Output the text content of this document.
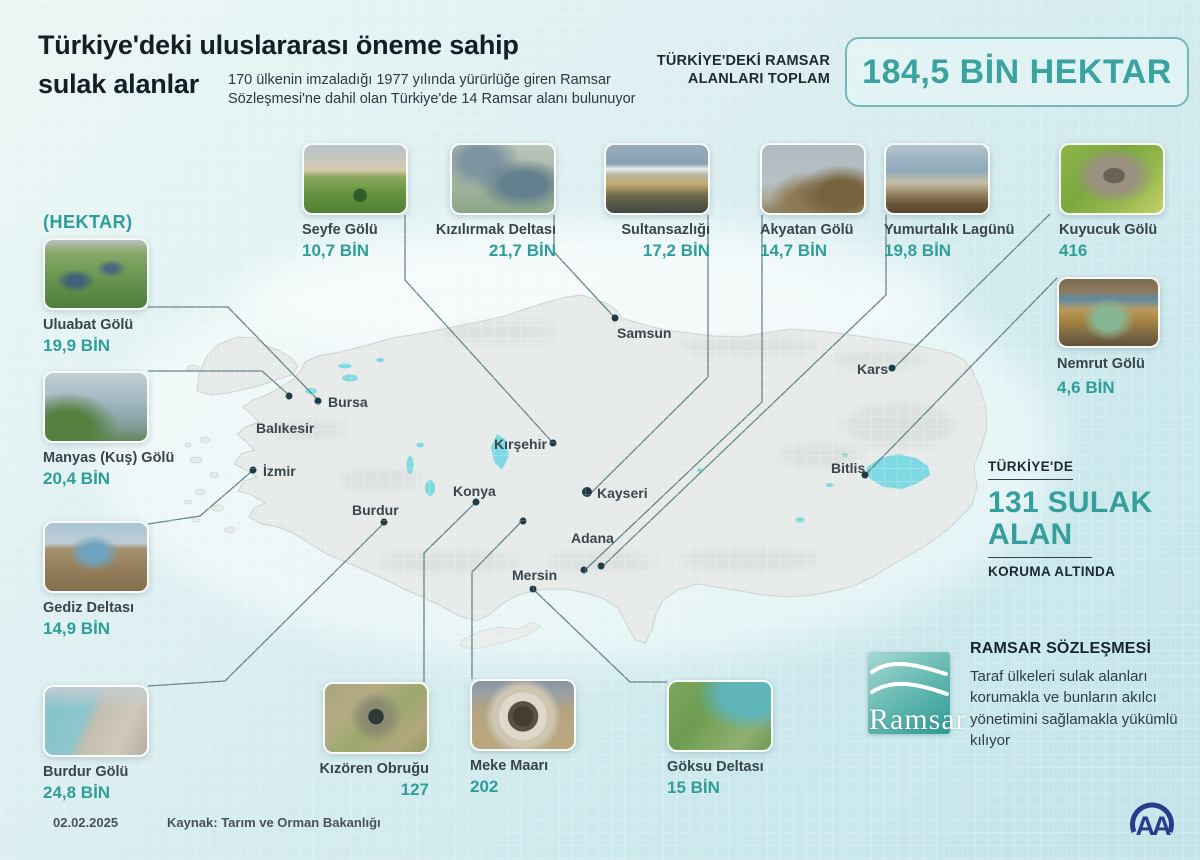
Türkiye'deki uluslararası öneme sahip
sulak alanlar	170 ülkenin imzaladığı 1977 yılında yürürlüğe giren Ramsar Sözleşmesi'ne dahil olan Türkiye'de 14 Ramsar alanı bulunuyor
TÜRKİYE'DEKİ RAMSAR
ALANLARI TOPLAM 184,5 BİN HEKTAR
(HEKTAR)
Uluabat Gölü
19,9 BİN
Manyas (Kuş) Gölü
20,4 BİN
Gediz Deltası
14,9 BİN
Burdur Gölü
24,8 BİN
Seyfe Gölü
10,7 BİN
Kızılırmak Deltası
21,7 BİN
Sultansazlığı
17,2 BİN
Akyatan Gölü
14,7 BİN
Yumurtalık Lagünü
19,8 BİN
Kuyucuk Gölü
416
Nemrut Gölü
4,6 BİN
Kızören Obruğu
127
Meke Maarı
202
Göksu Deltası
15 BİN
Samsun
Bursa
Balıkesir
Kırşehir
İzmir
Konya	Kayseri
Burdur
Adana
Mersin
Kars
Bitlis	TÜRKİYE'DE
131 SULAK
ALAN
KORUMA ALTINDA
Ramsar
RAMSAR SÖZLEŞMESİ
Taraf ülkeleri sulak alanları korumakla ve bunların akılcı yönetimini sağlamakla yükümlü kılıyor
02.02.2025	Kaynak: Tarım ve Orman Bakanlığı	AA
